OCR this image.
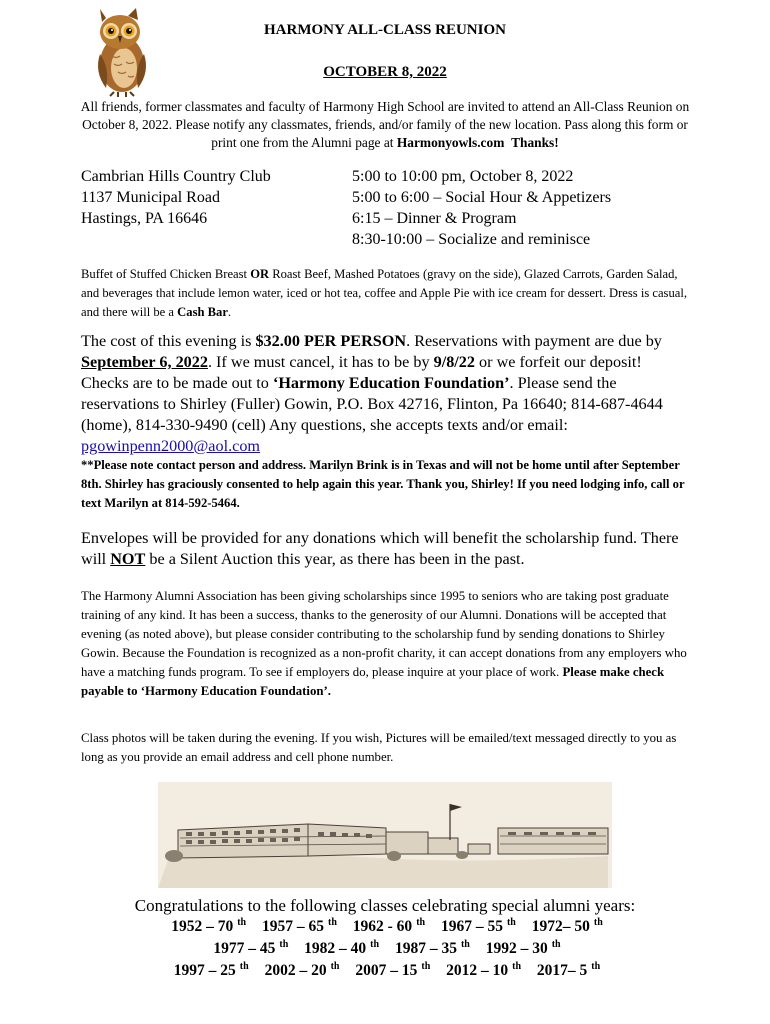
HARMONY ALL-CLASS REUNION
OCTOBER 8, 2022
All friends, former classmates and faculty of Harmony High School are invited to attend an All-Class Reunion on October 8, 2022. Please notify any classmates, friends, and/or family of the new location. Pass along this form or print one from the Alumni page at Harmonyowls.com Thanks!
Cambrian Hills Country Club
1137 Municipal Road
Hastings, PA 16646
5:00 to 10:00 pm, October 8, 2022
5:00 to 6:00 – Social Hour & Appetizers
6:15 – Dinner & Program
8:30-10:00 – Socialize and reminisce
Buffet of Stuffed Chicken Breast OR Roast Beef, Mashed Potatoes (gravy on the side), Glazed Carrots, Garden Salad, and beverages that include lemon water, iced or hot tea, coffee and Apple Pie with ice cream for dessert. Dress is casual, and there will be a Cash Bar.
The cost of this evening is $32.00 PER PERSON. Reservations with payment are due by September 6, 2022. If we must cancel, it has to be by 9/8/22 or we forfeit our deposit! Checks are to be made out to ‘Harmony Education Foundation’. Please send the reservations to Shirley (Fuller) Gowin, P.O. Box 42716, Flinton, Pa 16640; 814-687-4644 (home), 814-330-9490 (cell) Any questions, she accepts texts and/or email: pgowinpenn2000@aol.com
**Please note contact person and address. Marilyn Brink is in Texas and will not be home until after September 8th. Shirley has graciously consented to help again this year. Thank you, Shirley! If you need lodging info, call or text Marilyn at 814-592-5464.
Envelopes will be provided for any donations which will benefit the scholarship fund. There will NOT be a Silent Auction this year, as there has been in the past.
The Harmony Alumni Association has been giving scholarships since 1995 to seniors who are taking post graduate training of any kind. It has been a success, thanks to the generosity of our Alumni. Donations will be accepted that evening (as noted above), but please consider contributing to the scholarship fund by sending donations to Shirley Gowin. Because the Foundation is recognized as a non-profit charity, it can accept donations from any employers who have a matching funds program. To see if employers do, please inquire at your place of work. Please make check payable to ‘Harmony Education Foundation’.
Class photos will be taken during the evening. If you wish, Pictures will be emailed/text messaged directly to you as long as you provide an email address and cell phone number.
Congratulations to the following classes celebrating special alumni years:
1952 – 70 $^{th}$ 1957 – 65 $^{th}$ 1962 - 60 $^{th}$ 1967 – 55 $^{th}$ 1972– 50 $^{th}$
1977 – 45 $^{th}$ 1982 – 40 $^{th}$ 1987 – 35 $^{th}$ 1992 – 30 $^{th}$
1997 – 25 $^{th}$ 2002 – 20 $^{th}$ 2007 – 15 $^{th}$ 2012 – 10 $^{th}$ 2017– 5 $^{th}$
